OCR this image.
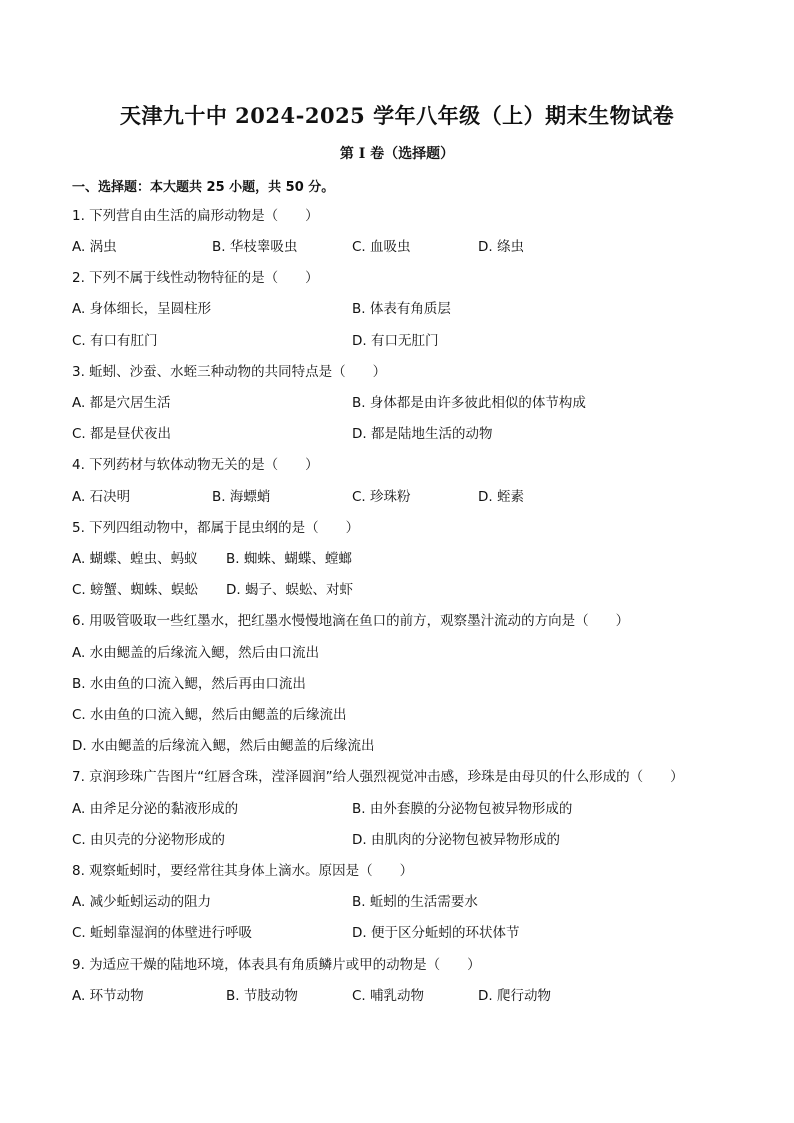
天津九十中 2024-2025 学年八年级（上）期末生物试卷
第 I 卷（选择题）
一、选择题：本大题共 25 小题，共 50 分。
1. 下列营自由生活的扁形动物是（　　）
A. 涡虫	B. 华枝睾吸虫	C. 血吸虫	D. 绦虫
2. 下列不属于线性动物特征的是（　　）
A. 身体细长，呈圆柱形	B. 体表有角质层
C. 有口有肛门	D. 有口无肛门
3. 蚯蚓、沙蚕、水蛭三种动物的共同特点是（　　）
A. 都是穴居生活	B. 身体都是由许多彼此相似的体节构成
C. 都是昼伏夜出	D. 都是陆地生活的动物
4. 下列药材与软体动物无关的是（　　）
A. 石决明	B. 海螵蛸	C. 珍珠粉	D. 蛭素
5. 下列四组动物中，都属于昆虫纲的是（　　）
A. 蝴蝶、蝗虫、蚂蚁 B. 蜘蛛、蝴蝶、螳螂
C. 螃蟹、蜘蛛、蜈蚣 D. 蝎子、蜈蚣、对虾
6. 用吸管吸取一些红墨水，把红墨水慢慢地滴在鱼口的前方，观察墨汁流动的方向是（　　）
A. 水由鳃盖的后缘流入鳃，然后由口流出
B. 水由鱼的口流入鳃，然后再由口流出
C. 水由鱼的口流入鳃，然后由鳃盖的后缘流出
D. 水由鳃盖的后缘流入鳃，然后由鳃盖的后缘流出
7. 京润珍珠广告图片“红唇含珠，滢泽圆润”给人强烈视觉冲击感，珍珠是由母贝的什么形成的（　　）
A. 由斧足分泌的黏液形成的	B. 由外套膜的分泌物包被异物形成的
C. 由贝壳的分泌物形成的	D. 由肌肉的分泌物包被异物形成的
8. 观察蚯蚓时，要经常往其身体上滴水。原因是（　　）
A. 减少蚯蚓运动的阻力	B. 蚯蚓的生活需要水
C. 蚯蚓靠湿润的体壁进行呼吸	D. 便于区分蚯蚓的环状体节
9. 为适应干燥的陆地环境，体表具有角质鳞片或甲的动物是（　　）
A. 环节动物	B. 节肢动物	C. 哺乳动物	D. 爬行动物
